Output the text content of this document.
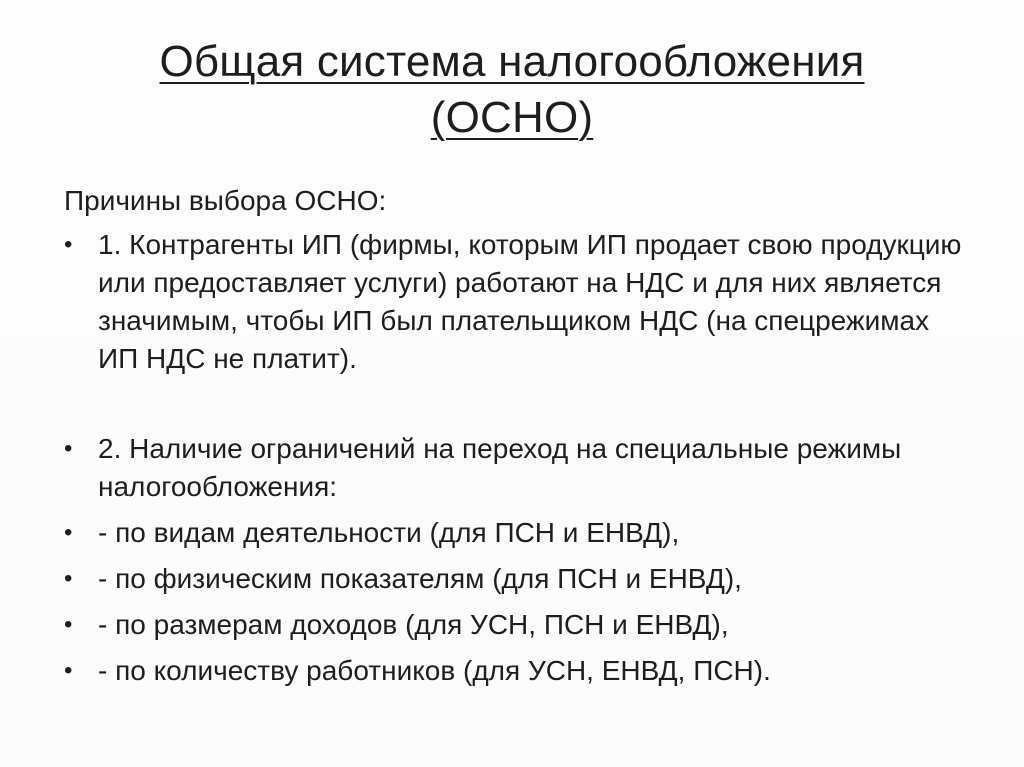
Общая система налогообложения
(ОСНО)
Причины выбора ОСНО:
• 1. Контрагенты ИП (фирмы, которым ИП продает свою продукцию или предоставляет услуги) работают на НДС и для них является значимым, чтобы ИП был плательщиком НДС (на спецрежимах ИП НДС не платит).
• 2. Наличие ограничений на переход на специальные режимы налогообложения:
• - по видам деятельности (для ПСН и ЕНВД),
• - по физическим показателям (для ПСН и ЕНВД),
• - по размерам доходов (для УСН, ПСН и ЕНВД),
• - по количеству работников (для УСН, ЕНВД, ПСН).
